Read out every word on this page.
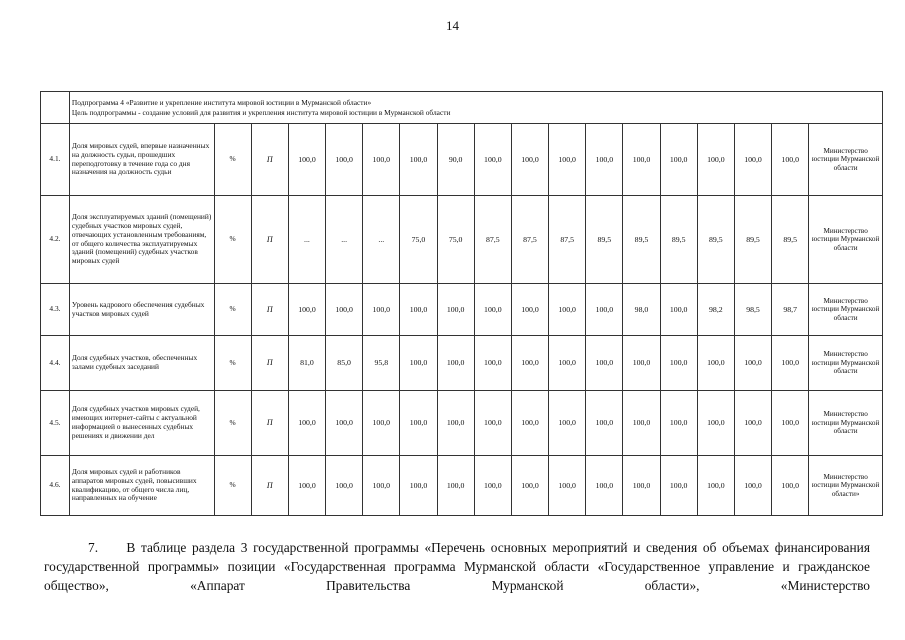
14

	Подпрограмма 4 «Развитие и укрепление института мировой юстиции в Мурманской области»
Цель подпрограммы - создание условий для развития и укрепления института мировой юстиции в Мурманской области																	

4.1.	Доля мировых судей, впервые назначенных на должность судьи, прошедших переподготовку в течение года со дня назначения на должность судьи	%	П	100,0	100,0	100,0	100,0	90,0	100,0	100,0	100,0	100,0	100,0	100,0	100,0	100,0	100,0	Министерство юстиции Мурманской области
4.2.	Доля эксплуатируемых зданий (помещений) судебных участков мировых судей, отвечающих установленным требованиям, от общего количества эксплуатируемых зданий (помещений) судебных участков мировых судей	%	П	...	...	...	75,0	75,0	87,5	87,5	87,5	89,5	89,5	89,5	89,5	89,5	89,5	Министерство юстиции Мурманской области
4.3.	Уровень кадрового обеспечения судебных участков мировых судей	%	П	100,0	100,0	100,0	100,0	100,0	100,0	100,0	100,0	100,0	98,0	100,0	98,2	98,5	98,7	Министерство юстиции Мурманской области
4.4.	Доля судебных участков, обеспеченных залами судебных заседаний	%	П	81,0	85,0	95,8	100,0	100,0	100,0	100,0	100,0	100,0	100,0	100,0	100,0	100,0	100,0	Министерство юстиции Мурманской области
4.5.	Доля судебных участков мировых судей, имеющих интернет-сайты с актуальной информацией о вынесенных судебных решениях и движении дел	%	П	100,0	100,0	100,0	100,0	100,0	100,0	100,0	100,0	100,0	100,0	100,0	100,0	100,0	100,0	Министерство юстиции Мурманской области
4.6.	Доля мировых судей и работников аппаратов мировых судей, повысивших квалификацию, от общего числа лиц, направленных на обучение	%	П	100,0	100,0	100,0	100,0	100,0	100,0	100,0	100,0	100,0	100,0	100,0	100,0	100,0	100,0	Министерство юстиции Мурманской области»
7. В таблице раздела 3 государственной программы «Перечень основных мероприятий и сведения об объемах финансирования государственной программы» позиции «Государственная программа Мурманской области «Государственное управление и гражданское общество», «Аппарат Правительства Мурманской области», «Министерство
